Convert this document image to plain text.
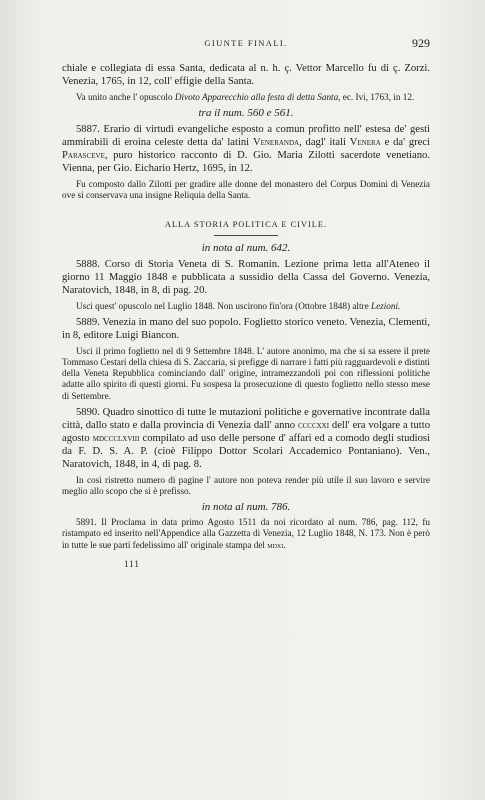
GIUNTE FINALI.	929

chiale e collegiata di essa Santa, dedicata al n. h. ç. Vettor Marcello fu di ç. Zorzi. Venezia, 1765, in 12, coll' effigie della Santa.

Va unito anche l' opuscolo Divoto Apparecchio alla festa di detta Santa, ec. Ivi, 1763, in 12.

tra il num. 560 e 561.

5887. Erario di virtudi evangeliche esposto a comun profitto nell' estesa de' gesti ammirabili di eroina celeste detta da' latini Veneranda, dagl' itali Venera e da' greci Parasceve, puro historico racconto di D. Gio. Maria Zilotti sacerdote venetiano. Vienna, per Gio. Eichario Hertz, 1695, in 12.

Fu composto dallo Zilotti per gradire alle donne del monastero del Corpus Domini di Venezia ove si conservava una insigne Reliquia della Santa.

ALLA STORIA POLITICA E CIVILE.

in nota al num. 642.

5888. Corso di Storia Veneta di S. Romanin. Lezione prima letta all'Ateneo il giorno 11 Maggio 1848 e pubblicata a sussidio della Cassa del Governo. Venezia, Naratovich, 1848, in 8, di pag. 20.

Usci quest' opuscolo nel Luglio 1848. Non uscirono fin'ora (Ottobre 1848) altre Lezioni.

5889. Venezia in mano del suo popolo. Foglietto storico veneto. Venezia, Clementi, in 8, editore Luigi Biancon.

Usci il primo foglietto nel di 9 Settembre 1848. L' autore anonimo, ma che si sa essere il prete Tommaso Cestari della chiesa di S. Zaccaria, si prefigge di narrare i fatti più ragguardevoli e distinti della Veneta Repubblica cominciando dall' origine, intramezzandoli poi con riflessioni politiche adatte allo spirito di questi giorni. Fu sospesa la prosecuzione di questo foglietto nello stesso mese di Settembre.

5890. Quadro sinottico di tutte le mutazioni politiche e governative incontrate dalla città, dallo stato e dalla provincia di Venezia dall' anno ccccxxi dell' era volgare a tutto agosto mdccclxviii compilato ad uso delle persone d' affari ed a comodo degli studiosi da F. D. S. A. P. (cioè Filippo Dottor Scolari Accademico Pontaniano). Ven., Naratovich, 1848, in 4, di pag. 8.

In così ristretto numero di pagine l' autore non poteva render più utile il suo lavoro e servire meglio allo scopo che si è prefisso.

in nota al num. 786.

5891. Il Proclama in data primo Agosto 1511 da noi ricordato al num. 786, pag. 112, fu ristampato ed inserito nell'Appendice alla Gazzetta di Venezia, 12 Luglio 1848, N. 173. Non è però in tutte le sue parti fedelissimo all' originale stampa del mdxi.

111
